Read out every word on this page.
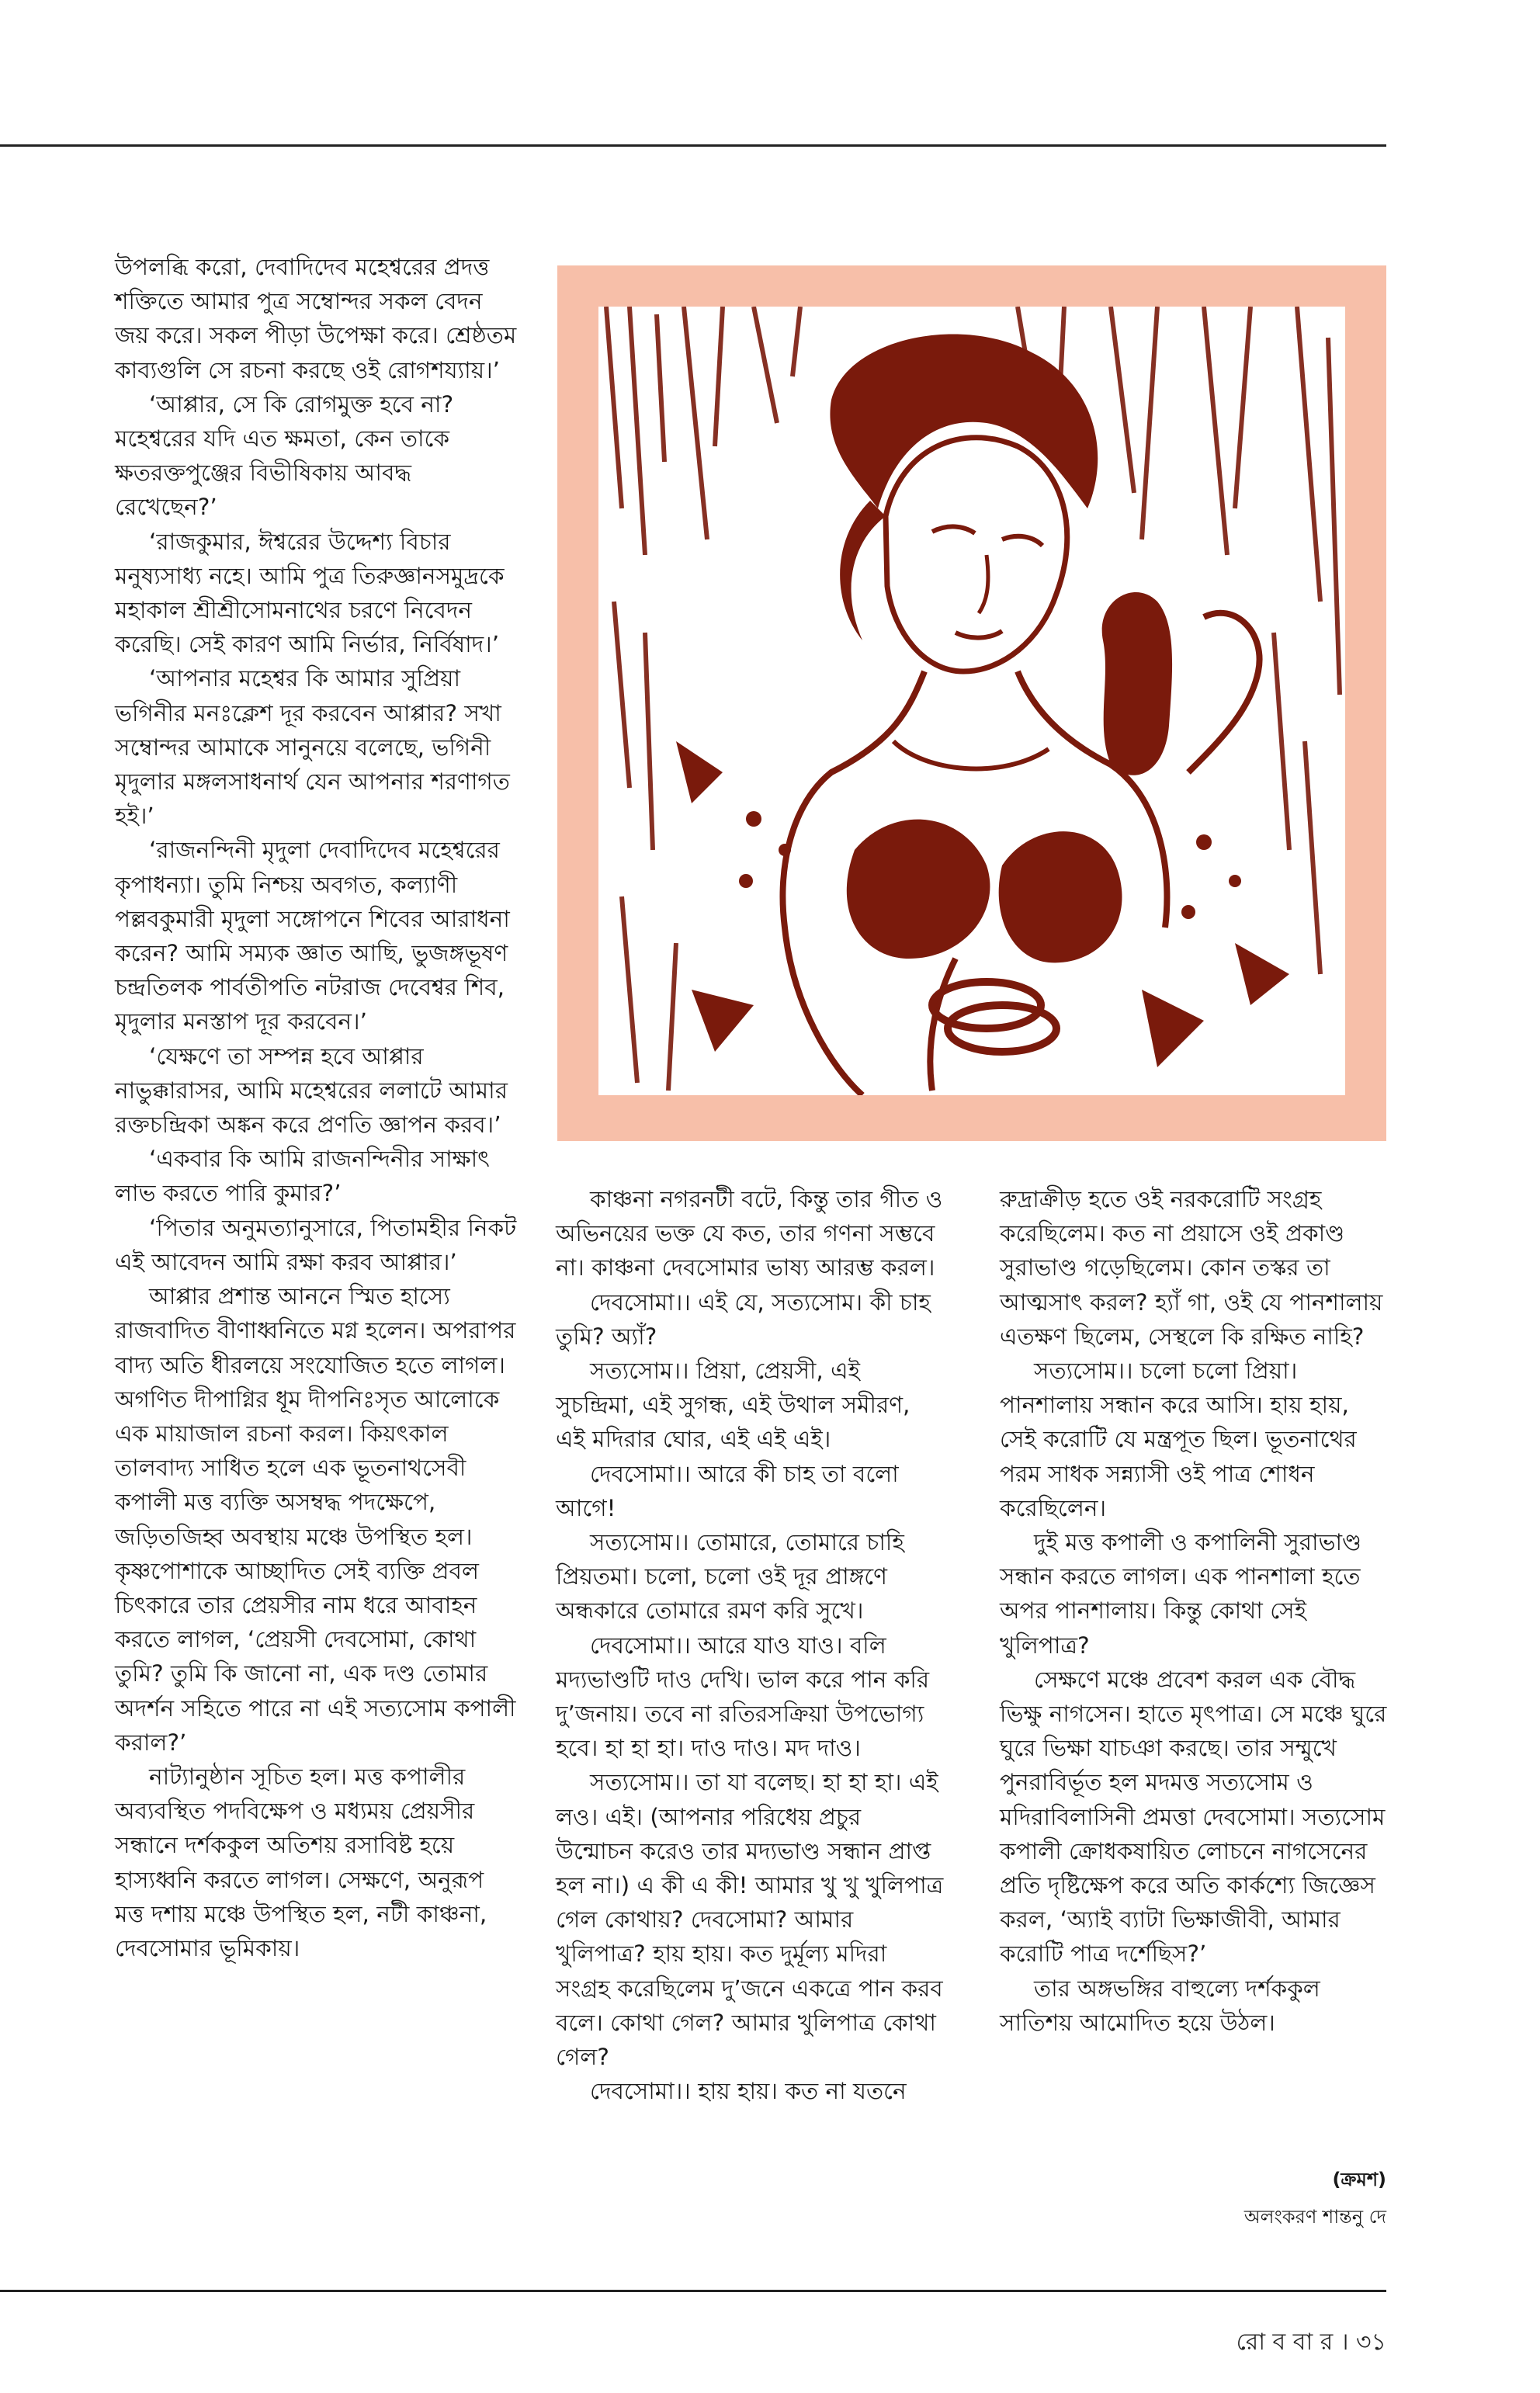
উপলব্ধি করো, দেবাদিদেব মহেশ্বরের প্রদত্ত শক্তিতে আমার পুত্র সম্বোন্দর সকল বেদন জয় করে। সকল পীড়া উপেক্ষা করে। শ্রেষ্ঠতম কাব্যগুলি সে রচনা করছে ওই রোগশয্যায়।’

‘আপ্পার, সে কি রোগমুক্ত হবে না? মহেশ্বরের যদি এত ক্ষমতা, কেন তাকে ক্ষতরক্তপুঞ্জের বিভীষিকায় আবদ্ধ রেখেছেন?’

‘রাজকুমার, ঈশ্বরের উদ্দেশ্য বিচার মনুষ্যসাধ্য নহে। আমি পুত্র তিরুজ্ঞানসমুদ্রকে মহাকাল শ্রীশ্রীসোমনাথের চরণে নিবেদন করেছি। সেই কারণ আমি নির্ভার, নির্বিষাদ।’

‘আপনার মহেশ্বর কি আমার সুপ্রিয়া ভগিনীর মনঃক্লেশ দূর করবেন আপ্পার? সখা সম্বোন্দর আমাকে সানুনয়ে বলেছে, ভগিনী মৃদুলার মঙ্গলসাধনার্থ যেন আপনার শরণাগত হই।’

‘রাজনন্দিনী মৃদুলা দেবাদিদেব মহেশ্বরের কৃপাধন্যা। তুমি নিশ্চয় অবগত, কল্যাণী পল্লবকুমারী মৃদুলা সঙ্গোপনে শিবের আরাধনা করেন? আমি সম্যক জ্ঞাত আছি, ভুজঙ্গভূষণ চন্দ্রতিলক পার্বতীপতি নটরাজ দেবেশ্বর শিব, মৃদুলার মনস্তাপ দূর করবেন।’

‘যেক্ষণে তা সম্পন্ন হবে আপ্পার নাভুক্কারাসর, আমি মহেশ্বরের ললাটে আমার রক্তচন্দ্রিকা অঙ্কন করে প্রণতি জ্ঞাপন করব।’

‘একবার কি আমি রাজনন্দিনীর সাক্ষাৎ লাভ করতে পারি কুমার?’

‘পিতার অনুমত্যানুসারে, পিতামহীর নিকট এই আবেদন আমি রক্ষা করব আপ্পার।’

আপ্পার প্রশান্ত আননে স্মিত হাস্যে রাজবাদিত বীণাধ্বনিতে মগ্ন হলেন। অপরাপর বাদ্য অতি ধীরলয়ে সংযোজিত হতে লাগল। অগণিত দীপাগ্নির ধূম দীপনিঃসৃত আলোকে এক মায়াজাল রচনা করল। কিয়ৎকাল তালবাদ্য সাধিত হলে এক ভূতনাথসেবী কপালী মত্ত ব্যক্তি অসম্বদ্ধ পদক্ষেপে, জড়িতজিহ্ব অবস্থায় মঞ্চে উপস্থিত হল। কৃষ্ণপোশাকে আচ্ছাদিত সেই ব্যক্তি প্রবল চিৎকারে তার প্রেয়সীর নাম ধরে আবাহন করতে লাগল, ‘প্রেয়সী দেবসোমা, কোথা তুমি? তুমি কি জানো না, এক দণ্ড তোমার অদর্শন সহিতে পারে না এই সত্যসোম কপালী করাল?’

নাট্যানুষ্ঠান সূচিত হল। মত্ত কপালীর অব্যবস্থিত পদবিক্ষেপ ও মধ্যময় প্রেয়সীর সন্ধানে দর্শককুল অতিশয় রসাবিষ্ট হয়ে হাস্যধ্বনি করতে লাগল। সেক্ষণে, অনুরূপ মত্ত দশায় মঞ্চে উপস্থিত হল, নটী কাঞ্চনা, দেবসোমার ভূমিকায়।

কাঞ্চনা নগরনটী বটে, কিন্তু তার গীত ও অভিনয়ের ভক্ত যে কত, তার গণনা সম্ভবে না। কাঞ্চনা দেবসোমার ভাষ্য আরম্ভ করল।

দেবসোমা।। এই যে, সত্যসোম। কী চাহ তুমি? অ্যাঁ?

সত্যসোম।। প্রিয়া, প্রেয়সী, এই সুচন্দ্রিমা, এই সুগন্ধ, এই উথাল সমীরণ, এই মদিরার ঘোর, এই এই এই।

দেবসোমা।। আরে কী চাহ তা বলো আগে!

সত্যসোম।। তোমারে, তোমারে চাহি প্রিয়তমা। চলো, চলো ওই দূর প্রাঙ্গণে অন্ধকারে তোমারে রমণ করি সুখে।

দেবসোমা।। আরে যাও যাও। বলি মদ্যভাণ্ডটি দাও দেখি। ভাল করে পান করি দু’জনায়। তবে না রতিরসক্রিয়া উপভোগ্য হবে। হা হা হা। দাও দাও। মদ দাও।

সত্যসোম।। তা যা বলেছ। হা হা হা। এই লও। এই। (আপনার পরিধেয় প্রচুর উন্মোচন করেও তার মদ্যভাণ্ড সন্ধান প্রাপ্ত হল না।) এ কী এ কী! আমার খু খু খুলিপাত্র গেল কোথায়? দেবসোমা? আমার খুলিপাত্র? হায় হায়। কত দুর্মূল্য মদিরা সংগ্রহ করেছিলেম দু’জনে একত্রে পান করব বলে। কোথা গেল? আমার খুলিপাত্র কোথা গেল?

দেবসোমা।। হায় হায়। কত না যতনে

রুদ্রাক্রীড় হতে ওই নরকরোটি সংগ্রহ করেছিলেম। কত না প্রয়াসে ওই প্রকাণ্ড সুরাভাণ্ড গড়েছিলেম। কোন তস্কর তা আত্মসাৎ করল? হ্যাঁ গা, ওই যে পানশালায় এতক্ষণ ছিলেম, সেস্থলে কি রক্ষিত নাহি?

সত্যসোম।। চলো চলো প্রিয়া। পানশালায় সন্ধান করে আসি। হায় হায়, সেই করোটি যে মন্ত্রপূত ছিল। ভূতনাথের পরম সাধক সন্ন্যাসী ওই পাত্র শোধন করেছিলেন।

দুই মত্ত কপালী ও কপালিনী সুরাভাণ্ড সন্ধান করতে লাগল। এক পানশালা হতে অপর পানশালায়। কিন্তু কোথা সেই খুলিপাত্র?

সেক্ষণে মঞ্চে প্রবেশ করল এক বৌদ্ধ ভিক্ষু নাগসেন। হাতে মৃৎপাত্র। সে মঞ্চে ঘুরে ঘুরে ভিক্ষা যাচঞা করছে। তার সম্মুখে পুনরাবির্ভূত হল মদমত্ত সত্যসোম ও মদিরাবিলাসিনী প্রমত্তা দেবসোমা। সত্যসোম কপালী ক্রোধকষায়িত লোচনে নাগসেনের প্রতি দৃষ্টিক্ষেপ করে অতি কার্কশ্যে জিজ্ঞেস করল, ‘অ্যাই ব্যাটা ভিক্ষাজীবী, আমার করোটি পাত্র দর্শেছিস?’

তার অঙ্গভঙ্গির বাহুল্যে দর্শককুল সাতিশয় আমোদিত হয়ে উঠল।

(ক্রমশ)
অলংকরণ শান্তনু দে
রো ব বা র । ৩১
